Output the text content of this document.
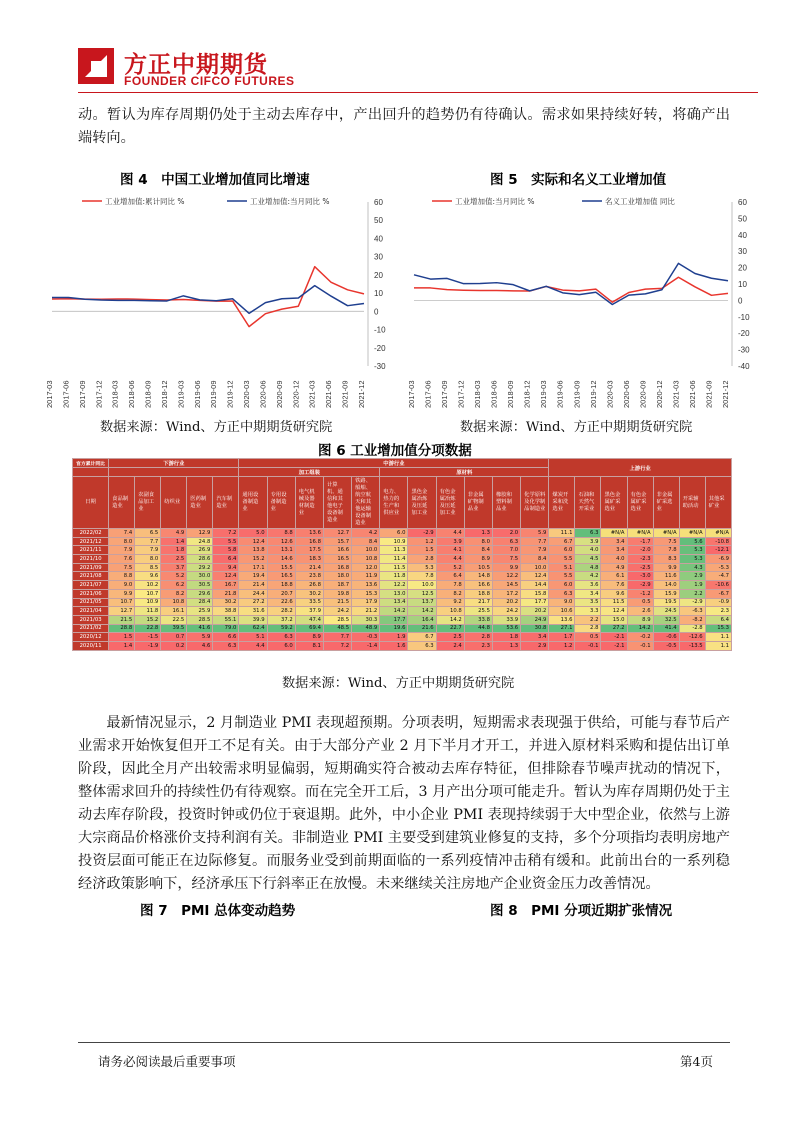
方正中期期货
FOUNDER CIFCO FUTURES
动。暂认为库存周期仍处于主动去库存中，产出回升的趋势仍有待确认。需求如果持续好转，将确产出端转向。
图 4　中国工业增加值同比增速
-30
-20
-10
0
10
20
30
40
50
60
2017-03 2017-06 2017-09 2017-12 2018-03 2018-06 2018-09 2018-12 2019-03 2019-06 2019-09 2019-12 2020-03 2020-06 2020-09 2020-12 2021-03 2021-06 2021-09 2021-12
工业增加值:累计同比 %	工业增加值:当月同比 %
数据来源：Wind、方正中期期货研究院
图 5　实际和名义工业增加值
-40
-30
-20
-10
0
10
20
30
40
50
60
2017-03 2017-06 2017-09 2017-12 2018-03 2018-06 2018-09 2018-12 2019-03 2019-06 2019-09 2019-12 2020-03 2020-06 2020-09 2020-12 2021-03 2021-06 2021-09 2021-12
工业增加值:当月同比 %	名义工业增加值 同比
数据来源：Wind、方正中期期货研究院
图 6 工业增加值分项数据
官方累计同比	下游行业					中游行业											上游行业						
						加工组装					原材料												
日期	食品制造业	农副食品加工业	纺织业	医药制造业	汽车制造业	通用设备制造业	专用设备制造业	电气机械及器材制造业	计算机、通信和其他电子设备制造业	铁路、船舶、航空航天和其他运输设备制造业	电力、热力的生产和供应业	黑色金属冶炼及压延加工业	有色金属冶炼及压延加工业	非金属矿物制品业	橡胶和塑料制品业	化学原料及化学制品制造业	煤炭开采和洗选业	石油和天然气开采业	黑色金属矿采选业	有色金属矿采选业	非金属矿采选业	开采辅助活动	其他采矿业
2022/02	7.4	6.5	4.9	12.9	7.2	5.0	8.8	13.6	12.7	4.2	6.0	-2.9	4.4	1.3	2.0	5.9	11.1	6.3	#N/A	#N/A	#N/A	#N/A	#N/A
2021/12	8.0	7.7	1.4	24.8	5.5	12.4	12.6	16.8	15.7	8.4	10.9	1.2	3.9	8.0	6.3	7.7	6.7	3.9	3.4	-1.7	7.5	5.6	-10.8
2021/11	7.9	7.9	1.8	26.9	5.8	13.8	13.1	17.5	16.6	10.0	11.3	1.5	4.1	8.4	7.0	7.9	6.0	4.0	3.4	-2.0	7.8	5.3	-12.1
2021/10	7.6	8.0	2.5	28.6	6.4	15.2	14.6	18.3	16.5	10.8	11.4	2.8	4.4	8.9	7.5	8.4	5.5	4.5	4.0	-2.3	8.3	5.3	-6.9
2021/09	7.5	8.5	3.7	29.2	9.4	17.1	15.5	21.4	16.8	12.0	11.5	5.3	5.2	10.5	9.9	10.0	5.1	4.8	4.9	-2.5	9.9	4.3	-5.3
2021/08	8.8	9.6	5.2	30.0	12.4	19.4	16.5	23.8	18.0	11.9	11.8	7.8	6.4	14.8	12.2	12.4	5.5	4.2	6.1	-3.0	11.6	2.9	-4.7
2021/07	9.0	10.2	6.2	30.5	16.7	21.4	18.8	26.8	18.7	13.6	12.2	10.0	7.8	16.6	14.5	14.4	6.0	3.6	7.6	-2.9	14.0	1.9	-10.6
2021/06	9.9	10.7	8.2	29.6	21.8	24.4	20.7	30.2	19.8	15.3	13.0	12.5	8.2	18.8	17.2	15.8	6.3	3.4	9.6	-1.2	15.9	2.2	-6.7
2021/05	10.7	10.9	10.8	28.4	30.2	27.2	22.6	33.5	21.5	17.9	13.4	13.7	9.2	21.7	20.2	17.7	9.0	3.5	11.5	0.5	19.5	-2.9	-0.9
2021/04	12.7	11.8	16.1	25.9	38.8	31.6	28.2	37.9	24.2	21.2	14.2	14.2	10.8	25.5	24.2	20.2	10.6	3.3	12.4	2.6	24.5	-6.3	2.3
2021/03	21.5	15.2	22.5	28.5	55.1	39.9	37.2	47.4	28.5	30.3	17.7	16.4	14.2	33.8	33.9	24.9	13.6	2.2	15.0	8.9	32.5	-8.2	6.4
2021/02	28.8	22.8	39.5	41.6	79.0	62.4	59.2	69.4	48.5	48.9	19.6	21.6	22.7	44.8	53.6	30.8	27.1	2.8	27.2	14.2	41.4	-2.8	15.3
2020/12	1.5	-1.5	0.7	5.9	6.6	5.1	6.3	8.9	7.7	-0.3	1.9	6.7	2.5	2.8	1.8	3.4	1.7	0.5	-2.1	-0.2	-0.6	-12.6	1.1
2020/11	1.4	-1.9	0.2	4.6	6.3	4.4	6.0	8.1	7.2	-1.4	1.6	6.3	2.4	2.3	1.3	2.9	1.2	-0.1	-2.1	-0.1	-0.5	-13.5	1.1
数据来源：Wind、方正中期期货研究院
最新情况显示，2 月制造业 PMI 表现超预期。分项表明，短期需求表现强于供给，可能与春节后产业需求开始恢复但开工不足有关。由于大部分产业 2 月下半月才开工，并进入原材料采购和提估出订单阶段，因此全月产出较需求明显偏弱，短期确实符合被动去库存特征，但排除春节噪声扰动的情况下，整体需求回升的持续性仍有待观察。而在完全开工后，3 月产出分项可能走升。暂认为库存周期仍处于主动去库存阶段，投资时钟或仍位于衰退期。此外，中小企业 PMI 表现持续弱于大中型企业，依然与上游大宗商品价格涨价支持利润有关。非制造业 PMI 主要受到建筑业修复的支持，多个分项指均表明房地产投资层面可能正在边际修复。而服务业受到前期面临的一系列疫情冲击稍有缓和。此前出台的一系列稳经济政策影响下，经济承压下行斜率正在放慢。未来继续关注房地产企业资金压力改善情况。
图 7　PMI 总体变动趋势	图 8　PMI 分项近期扩张情况
请务必阅读最后重要事项	第4页
